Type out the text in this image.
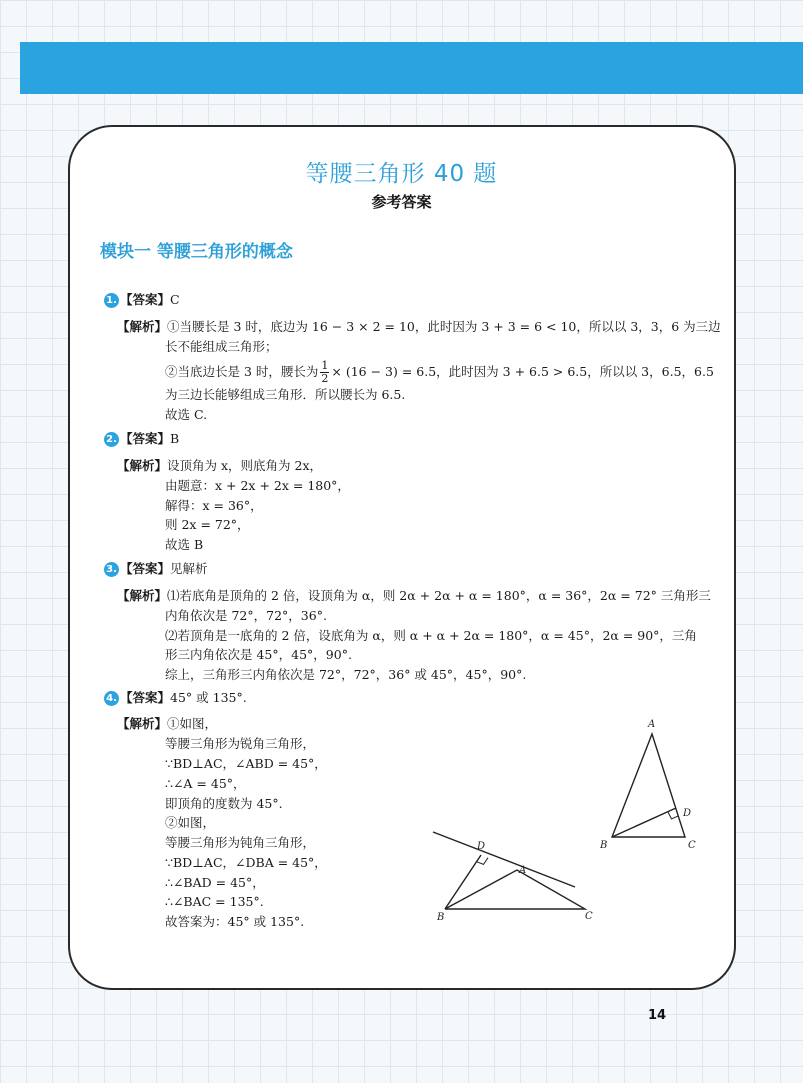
等腰三角形 40 题
参考答案
模块一 等腰三角形的概念
1. 【答案】C
【解析】①当腰长是 3 时，底边为 16 − 3 × 2 = 10，此时因为 3 + 3 = 6 < 10，所以以 3，3，6 为三边
长不能组成三角形；
②当底边长是 3 时，腰长为 $\frac{1}{2} \times (16 - 3) = 6.5$，此时因为 3 + 6.5 > 6.5，所以以 3，6.5，6.5
为三边长能够组成三角形．所以腰长为 6.5.
故选 C.
2. 【答案】B
【解析】设顶角为 x，则底角为 2x，
由题意：x + 2x + 2x = 180°，
解得：x = 36°，
则 2x = 72°，
故选 B
3. 【答案】见解析
【解析】⑴若底角是顶角的 2 倍，设顶角为 α，则 2α + 2α + α = 180°，α = 36°，2α = 72° 三角形三
内角依次是 72°，72°，36°.
⑵若顶角是一底角的 2 倍，设底角为 α，则 α + α + 2α = 180°，α = 45°，2α = 90°，三角
形三内角依次是 45°，45°，90°.
综上，三角形三内角依次是 72°，72°，36° 或 45°，45°，90°.
4. 【答案】45° 或 135°.
【解析】①如图，
等腰三角形为锐角三角形，
∵BD⊥AC，∠ABD = 45°，
∴∠A = 45°，
即顶角的度数为 45°.
②如图，
等腰三角形为钝角三角形，
∵BD⊥AC，∠DBA = 45°，
∴∠BAD = 45°，
∴∠BAC = 135°.
故答案为：45° 或 135°.
A
B	C
D
D
A
B	C
14
